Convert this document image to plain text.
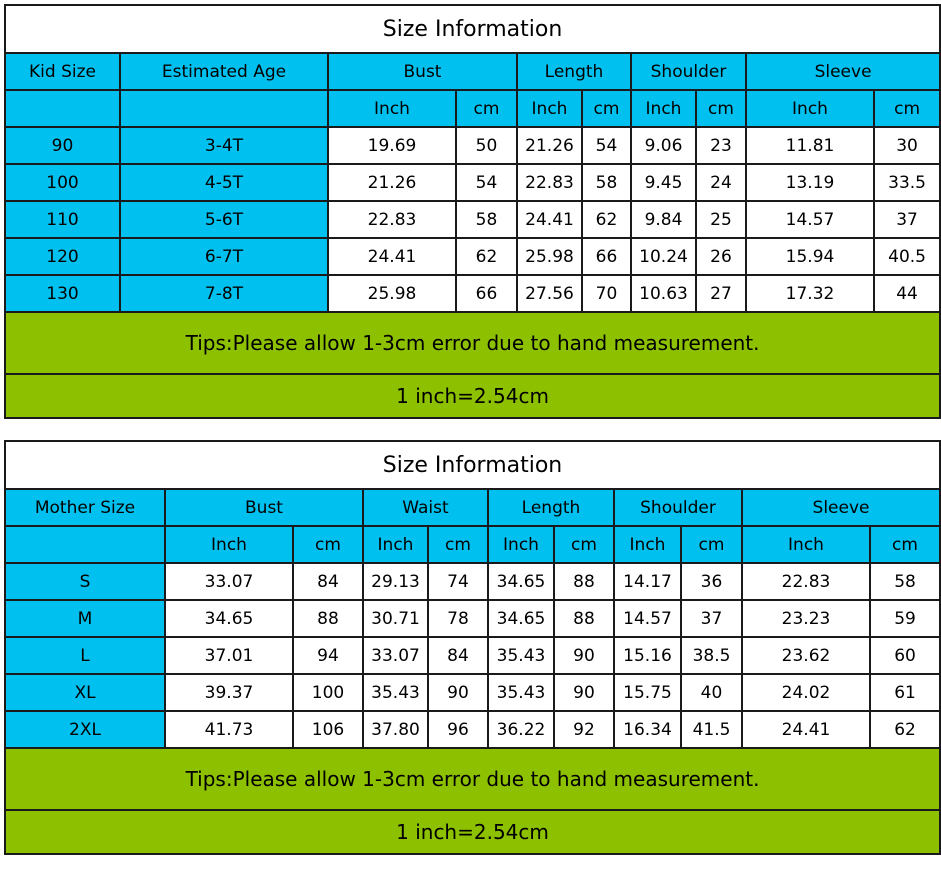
Size Information									
Kid Size	Estimated Age	Bust		Length		Shoulder		Sleeve	
		Inch	cm	Inch	cm	Inch	cm	Inch	cm
90	3-4T	19.69	50	21.26	54	9.06	23	11.81	30
100	4-5T	21.26	54	22.83	58	9.45	24	13.19	33.5
110	5-6T	22.83	58	24.41	62	9.84	25	14.57	37
120	6-7T	24.41	62	25.98	66	10.24	26	15.94	40.5
130	7-8T	25.98	66	27.56	70	10.63	27	17.32	44
Tips:Please allow 1-3cm error due to hand measurement.									
1 inch=2.54cm									
Size Information										
Mother Size	Bust		Waist		Length		Shoulder		Sleeve	
	Inch	cm	Inch	cm	Inch	cm	Inch	cm	Inch	cm
S	33.07	84	29.13	74	34.65	88	14.17	36	22.83	58
M	34.65	88	30.71	78	34.65	88	14.57	37	23.23	59
L	37.01	94	33.07	84	35.43	90	15.16	38.5	23.62	60
XL	39.37	100	35.43	90	35.43	90	15.75	40	24.02	61
2XL	41.73	106	37.80	96	36.22	92	16.34	41.5	24.41	62
Tips:Please allow 1-3cm error due to hand measurement.										
1 inch=2.54cm										
